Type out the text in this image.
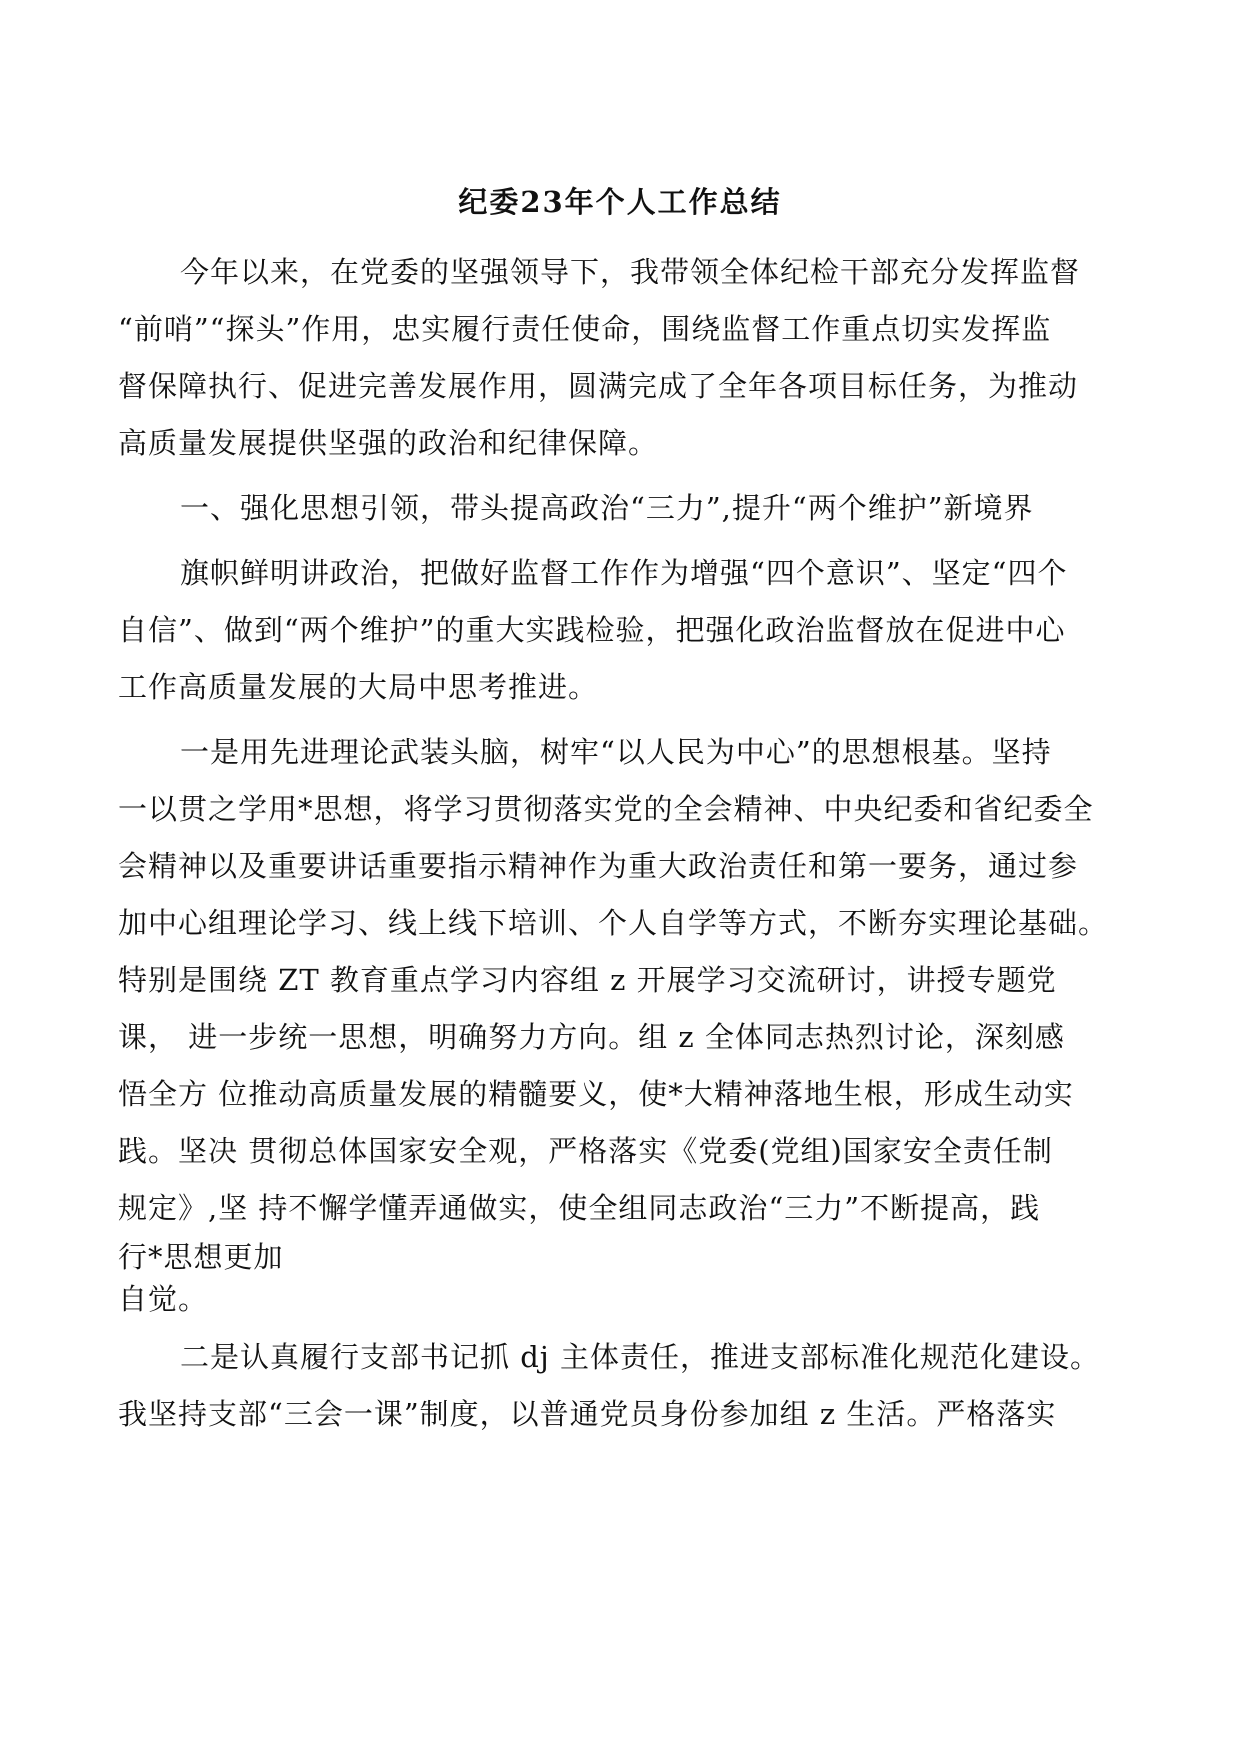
纪委23年个人工作总结

今年以来，在党委的坚强领导下，我带领全体纪检干部充分发挥监督
“前哨”“探头”作用，忠实履行责任使命，围绕监督工作重点切实发挥监
督保障执行、促进完善发展作用，圆满完成了全年各项目标任务，为推动
高质量发展提供坚强的政治和纪律保障。

一、强化思想引领，带头提高政治“三力”,提升“两个维护”新境界

旗帜鲜明讲政治，把做好监督工作作为增强“四个意识”、坚定“四个
自信”、做到“两个维护”的重大实践检验，把强化政治监督放在促进中心
工作高质量发展的大局中思考推进。

一是用先进理论武装头脑，树牢“以人民为中心”的思想根基。坚持
一以贯之学用*思想，将学习贯彻落实党的全会精神、中央纪委和省纪委全
会精神以及重要讲话重要指示精神作为重大政治责任和第一要务，通过参
加中心组理论学习、线上线下培训、个人自学等方式，不断夯实理论基础。
特别是围绕 ZT 教育重点学习内容组 z 开展学习交流研讨，讲授专题党
课， 进一步统一思想，明确努力方向。组 z 全体同志热烈讨论，深刻感
悟全方 位推动高质量发展的精髓要义，使*大精神落地生根，形成生动实
践。坚决 贯彻总体国家安全观，严格落实《党委(党组)国家安全责任制
规定》,坚 持不懈学懂弄通做实，使全组同志政治“三力”不断提高，践
行*思想更加
自觉。

二是认真履行支部书记抓 dj 主体责任，推进支部标准化规范化建设。
我坚持支部“三会一课”制度，以普通党员身份参加组 z 生活。严格落实
